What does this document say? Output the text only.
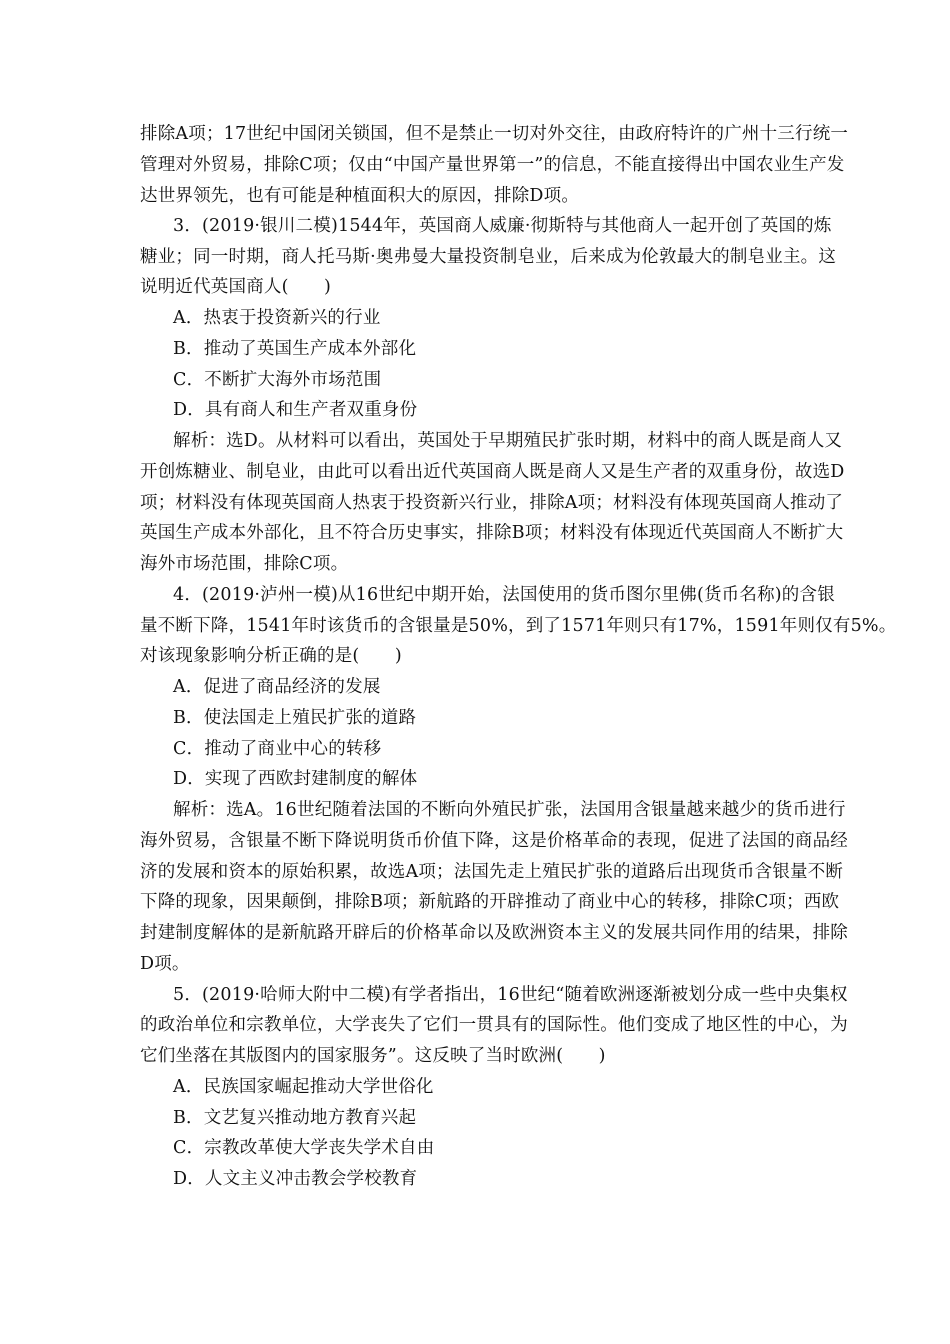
排除A项；17世纪中国闭关锁国，但不是禁止一切对外交往，由政府特许的广州十三行统一
管理对外贸易，排除C项；仅由“中国产量世界第一”的信息，不能直接得出中国农业生产发
达世界领先，也有可能是种植面积大的原因，排除D项。
3．(2019·银川二模)1544年，英国商人威廉·彻斯特与其他商人一起开创了英国的炼
糖业；同一时期，商人托马斯·奥弗曼大量投资制皂业，后来成为伦敦最大的制皂业主。这
说明近代英国商人(　　)
A．热衷于投资新兴的行业
B．推动了英国生产成本外部化
C．不断扩大海外市场范围
D．具有商人和生产者双重身份
解析：选D。从材料可以看出，英国处于早期殖民扩张时期，材料中的商人既是商人又
开创炼糖业、制皂业，由此可以看出近代英国商人既是商人又是生产者的双重身份，故选D
项；材料没有体现英国商人热衷于投资新兴行业，排除A项；材料没有体现英国商人推动了
英国生产成本外部化，且不符合历史事实，排除B项；材料没有体现近代英国商人不断扩大
海外市场范围，排除C项。
4．(2019·泸州一模)从16世纪中期开始，法国使用的货币图尔里佛(货币名称)的含银
量不断下降，1541年时该货币的含银量是50%，到了1571年则只有17%，1591年则仅有5%。
对该现象影响分析正确的是(　　)
A．促进了商品经济的发展
B．使法国走上殖民扩张的道路
C．推动了商业中心的转移
D．实现了西欧封建制度的解体
解析：选A。16世纪随着法国的不断向外殖民扩张，法国用含银量越来越少的货币进行
海外贸易，含银量不断下降说明货币价值下降，这是价格革命的表现，促进了法国的商品经
济的发展和资本的原始积累，故选A项；法国先走上殖民扩张的道路后出现货币含银量不断
下降的现象，因果颠倒，排除B项；新航路的开辟推动了商业中心的转移，排除C项；西欧
封建制度解体的是新航路开辟后的价格革命以及欧洲资本主义的发展共同作用的结果，排除
D项。
5．(2019·哈师大附中二模)有学者指出，16世纪“随着欧洲逐渐被划分成一些中央集权
的政治单位和宗教单位，大学丧失了它们一贯具有的国际性。他们变成了地区性的中心，为
它们坐落在其版图内的国家服务”。这反映了当时欧洲(　　)
A．民族国家崛起推动大学世俗化
B．文艺复兴推动地方教育兴起
C．宗教改革使大学丧失学术自由
D．人文主义冲击教会学校教育
